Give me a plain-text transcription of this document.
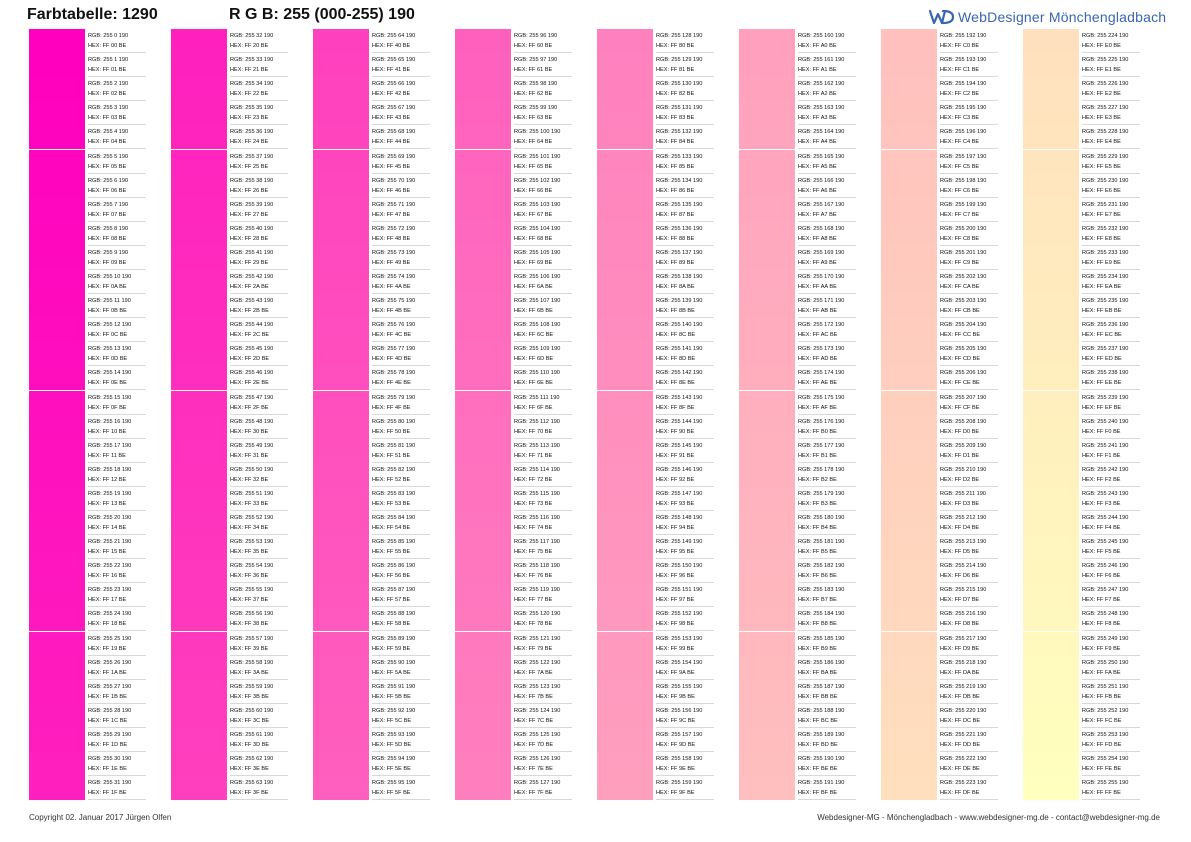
Farbtabelle: 1290	R G B: 255 (000-255) 190	WebDesigner Mönchengladbach
RGB: 255 0 190
HEX: FF 00 BE
RGB: 255 1 190
HEX: FF 01 BE
RGB: 255 2 190
HEX: FF 02 BE
RGB: 255 3 190
HEX: FF 03 BE
RGB: 255 4 190
HEX: FF 04 BE
RGB: 255 5 190
HEX: FF 05 BE
RGB: 255 6 190
HEX: FF 06 BE
RGB: 255 7 190
HEX: FF 07 BE
RGB: 255 8 190
HEX: FF 08 BE
RGB: 255 9 190
HEX: FF 09 BE
RGB: 255 10 190
HEX: FF 0A BE
RGB: 255 11 190
HEX: FF 0B BE
RGB: 255 12 190
HEX: FF 0C BE
RGB: 255 13 190
HEX: FF 0D BE
RGB: 255 14 190
HEX: FF 0E BE
RGB: 255 15 190
HEX: FF 0F BE
RGB: 255 16 190
HEX: FF 10 BE
RGB: 255 17 190
HEX: FF 11 BE
RGB: 255 18 190
HEX: FF 12 BE
RGB: 255 19 190
HEX: FF 13 BE
RGB: 255 20 190
HEX: FF 14 BE
RGB: 255 21 190
HEX: FF 15 BE
RGB: 255 22 190
HEX: FF 16 BE
RGB: 255 23 190
HEX: FF 17 BE
RGB: 255 24 190
HEX: FF 18 BE
RGB: 255 25 190
HEX: FF 19 BE
RGB: 255 26 190
HEX: FF 1A BE
RGB: 255 27 190
HEX: FF 1B BE
RGB: 255 28 190
HEX: FF 1C BE
RGB: 255 29 190
HEX: FF 1D BE
RGB: 255 30 190
HEX: FF 1E BE
RGB: 255 31 190
HEX: FF 1F BE
RGB: 255 32 190
HEX: FF 20 BE
RGB: 255 33 190
HEX: FF 21 BE
RGB: 255 34 190
HEX: FF 22 BE
RGB: 255 35 190
HEX: FF 23 BE
RGB: 255 36 190
HEX: FF 24 BE
RGB: 255 37 190
HEX: FF 25 BE
RGB: 255 38 190
HEX: FF 26 BE
RGB: 255 39 190
HEX: FF 27 BE
RGB: 255 40 190
HEX: FF 28 BE
RGB: 255 41 190
HEX: FF 29 BE
RGB: 255 42 190
HEX: FF 2A BE
RGB: 255 43 190
HEX: FF 2B BE
RGB: 255 44 190
HEX: FF 2C BE
RGB: 255 45 190
HEX: FF 2D BE
RGB: 255 46 190
HEX: FF 2E BE
RGB: 255 47 190
HEX: FF 2F BE
RGB: 255 48 190
HEX: FF 30 BE
RGB: 255 49 190
HEX: FF 31 BE
RGB: 255 50 190
HEX: FF 32 BE
RGB: 255 51 190
HEX: FF 33 BE
RGB: 255 52 190
HEX: FF 34 BE
RGB: 255 53 190
HEX: FF 35 BE
RGB: 255 54 190
HEX: FF 36 BE
RGB: 255 55 190
HEX: FF 37 BE
RGB: 255 56 190
HEX: FF 38 BE
RGB: 255 57 190
HEX: FF 39 BE
RGB: 255 58 190
HEX: FF 3A BE
RGB: 255 59 190
HEX: FF 3B BE
RGB: 255 60 190
HEX: FF 3C BE
RGB: 255 61 190
HEX: FF 3D BE
RGB: 255 62 190
HEX: FF 3E BE
RGB: 255 63 190
HEX: FF 3F BE
RGB: 255 64 190
HEX: FF 40 BE
RGB: 255 65 190
HEX: FF 41 BE
RGB: 255 66 190
HEX: FF 42 BE
RGB: 255 67 190
HEX: FF 43 BE
RGB: 255 68 190
HEX: FF 44 BE
RGB: 255 69 190
HEX: FF 45 BE
RGB: 255 70 190
HEX: FF 46 BE
RGB: 255 71 190
HEX: FF 47 BE
RGB: 255 72 190
HEX: FF 48 BE
RGB: 255 73 190
HEX: FF 49 BE
RGB: 255 74 190
HEX: FF 4A BE
RGB: 255 75 190
HEX: FF 4B BE
RGB: 255 76 190
HEX: FF 4C BE
RGB: 255 77 190
HEX: FF 4D BE
RGB: 255 78 190
HEX: FF 4E BE
RGB: 255 79 190
HEX: FF 4F BE
RGB: 255 80 190
HEX: FF 50 BE
RGB: 255 81 190
HEX: FF 51 BE
RGB: 255 82 190
HEX: FF 52 BE
RGB: 255 83 190
HEX: FF 53 BE
RGB: 255 84 190
HEX: FF 54 BE
RGB: 255 85 190
HEX: FF 55 BE
RGB: 255 86 190
HEX: FF 56 BE
RGB: 255 87 190
HEX: FF 57 BE
RGB: 255 88 190
HEX: FF 58 BE
RGB: 255 89 190
HEX: FF 59 BE
RGB: 255 90 190
HEX: FF 5A BE
RGB: 255 91 190
HEX: FF 5B BE
RGB: 255 92 190
HEX: FF 5C BE
RGB: 255 93 190
HEX: FF 5D BE
RGB: 255 94 190
HEX: FF 5E BE
RGB: 255 95 190
HEX: FF 5F BE
RGB: 255 96 190
HEX: FF 60 BE
RGB: 255 97 190
HEX: FF 61 BE
RGB: 255 98 190
HEX: FF 62 BE
RGB: 255 99 190
HEX: FF 63 BE
RGB: 255 100 190
HEX: FF 64 BE
RGB: 255 101 190
HEX: FF 65 BE
RGB: 255 102 190
HEX: FF 66 BE
RGB: 255 103 190
HEX: FF 67 BE
RGB: 255 104 190
HEX: FF 68 BE
RGB: 255 105 190
HEX: FF 69 BE
RGB: 255 106 190
HEX: FF 6A BE
RGB: 255 107 190
HEX: FF 6B BE
RGB: 255 108 190
HEX: FF 6C BE
RGB: 255 109 190
HEX: FF 6D BE
RGB: 255 110 190
HEX: FF 6E BE
RGB: 255 111 190
HEX: FF 6F BE
RGB: 255 112 190
HEX: FF 70 BE
RGB: 255 113 190
HEX: FF 71 BE
RGB: 255 114 190
HEX: FF 72 BE
RGB: 255 115 190
HEX: FF 73 BE
RGB: 255 116 190
HEX: FF 74 BE
RGB: 255 117 190
HEX: FF 75 BE
RGB: 255 118 190
HEX: FF 76 BE
RGB: 255 119 190
HEX: FF 77 BE
RGB: 255 120 190
HEX: FF 78 BE
RGB: 255 121 190
HEX: FF 79 BE
RGB: 255 122 190
HEX: FF 7A BE
RGB: 255 123 190
HEX: FF 7B BE
RGB: 255 124 190
HEX: FF 7C BE
RGB: 255 125 190
HEX: FF 7D BE
RGB: 255 126 190
HEX: FF 7E BE
RGB: 255 127 190
HEX: FF 7F BE
RGB: 255 128 190
HEX: FF 80 BE
RGB: 255 129 190
HEX: FF 81 BE
RGB: 255 130 190
HEX: FF 82 BE
RGB: 255 131 190
HEX: FF 83 BE
RGB: 255 132 190
HEX: FF 84 BE
RGB: 255 133 190
HEX: FF 85 BE
RGB: 255 134 190
HEX: FF 86 BE
RGB: 255 135 190
HEX: FF 87 BE
RGB: 255 136 190
HEX: FF 88 BE
RGB: 255 137 190
HEX: FF 89 BE
RGB: 255 138 190
HEX: FF 8A BE
RGB: 255 139 190
HEX: FF 8B BE
RGB: 255 140 190
HEX: FF 8C BE
RGB: 255 141 190
HEX: FF 8D BE
RGB: 255 142 190
HEX: FF 8E BE
RGB: 255 143 190
HEX: FF 8F BE
RGB: 255 144 190
HEX: FF 90 BE
RGB: 255 145 190
HEX: FF 91 BE
RGB: 255 146 190
HEX: FF 92 BE
RGB: 255 147 190
HEX: FF 93 BE
RGB: 255 148 190
HEX: FF 94 BE
RGB: 255 149 190
HEX: FF 95 BE
RGB: 255 150 190
HEX: FF 96 BE
RGB: 255 151 190
HEX: FF 97 BE
RGB: 255 152 190
HEX: FF 98 BE
RGB: 255 153 190
HEX: FF 99 BE
RGB: 255 154 190
HEX: FF 9A BE
RGB: 255 155 190
HEX: FF 9B BE
RGB: 255 156 190
HEX: FF 9C BE
RGB: 255 157 190
HEX: FF 9D BE
RGB: 255 158 190
HEX: FF 9E BE
RGB: 255 159 190
HEX: FF 9F BE
RGB: 255 160 190
HEX: FF A0 BE
RGB: 255 161 190
HEX: FF A1 BE
RGB: 255 162 190
HEX: FF A2 BE
RGB: 255 163 190
HEX: FF A3 BE
RGB: 255 164 190
HEX: FF A4 BE
RGB: 255 165 190
HEX: FF A5 BE
RGB: 255 166 190
HEX: FF A6 BE
RGB: 255 167 190
HEX: FF A7 BE
RGB: 255 168 190
HEX: FF A8 BE
RGB: 255 169 190
HEX: FF A9 BE
RGB: 255 170 190
HEX: FF AA BE
RGB: 255 171 190
HEX: FF AB BE
RGB: 255 172 190
HEX: FF AC BE
RGB: 255 173 190
HEX: FF AD BE
RGB: 255 174 190
HEX: FF AE BE
RGB: 255 175 190
HEX: FF AF BE
RGB: 255 176 190
HEX: FF B0 BE
RGB: 255 177 190
HEX: FF B1 BE
RGB: 255 178 190
HEX: FF B2 BE
RGB: 255 179 190
HEX: FF B3 BE
RGB: 255 180 190
HEX: FF B4 BE
RGB: 255 181 190
HEX: FF B5 BE
RGB: 255 182 190
HEX: FF B6 BE
RGB: 255 183 190
HEX: FF B7 BE
RGB: 255 184 190
HEX: FF B8 BE
RGB: 255 185 190
HEX: FF B9 BE
RGB: 255 186 190
HEX: FF BA BE
RGB: 255 187 190
HEX: FF BB BE
RGB: 255 188 190
HEX: FF BC BE
RGB: 255 189 190
HEX: FF BD BE
RGB: 255 190 190
HEX: FF BE BE
RGB: 255 191 190
HEX: FF BF BE
RGB: 255 192 190
HEX: FF C0 BE
RGB: 255 193 190
HEX: FF C1 BE
RGB: 255 194 190
HEX: FF C2 BE
RGB: 255 195 190
HEX: FF C3 BE
RGB: 255 196 190
HEX: FF C4 BE
RGB: 255 197 190
HEX: FF C5 BE
RGB: 255 198 190
HEX: FF C6 BE
RGB: 255 199 190
HEX: FF C7 BE
RGB: 255 200 190
HEX: FF C8 BE
RGB: 255 201 190
HEX: FF C9 BE
RGB: 255 202 190
HEX: FF CA BE
RGB: 255 203 190
HEX: FF CB BE
RGB: 255 204 190
HEX: FF CC BE
RGB: 255 205 190
HEX: FF CD BE
RGB: 255 206 190
HEX: FF CE BE
RGB: 255 207 190
HEX: FF CF BE
RGB: 255 208 190
HEX: FF D0 BE
RGB: 255 209 190
HEX: FF D1 BE
RGB: 255 210 190
HEX: FF D2 BE
RGB: 255 211 190
HEX: FF D3 BE
RGB: 255 212 190
HEX: FF D4 BE
RGB: 255 213 190
HEX: FF D5 BE
RGB: 255 214 190
HEX: FF D6 BE
RGB: 255 215 190
HEX: FF D7 BE
RGB: 255 216 190
HEX: FF D8 BE
RGB: 255 217 190
HEX: FF D9 BE
RGB: 255 218 190
HEX: FF DA BE
RGB: 255 219 190
HEX: FF DB BE
RGB: 255 220 190
HEX: FF DC BE
RGB: 255 221 190
HEX: FF DD BE
RGB: 255 222 190
HEX: FF DE BE
RGB: 255 223 190
HEX: FF DF BE
RGB: 255 224 190
HEX: FF E0 BE
RGB: 255 225 190
HEX: FF E1 BE
RGB: 255 226 190
HEX: FF E2 BE
RGB: 255 227 190
HEX: FF E3 BE
RGB: 255 228 190
HEX: FF E4 BE
RGB: 255 229 190
HEX: FF E5 BE
RGB: 255 230 190
HEX: FF E6 BE
RGB: 255 231 190
HEX: FF E7 BE
RGB: 255 232 190
HEX: FF E8 BE
RGB: 255 233 190
HEX: FF E9 BE
RGB: 255 234 190
HEX: FF EA BE
RGB: 255 235 190
HEX: FF EB BE
RGB: 255 236 190
HEX: FF EC BE
RGB: 255 237 190
HEX: FF ED BE
RGB: 255 238 190
HEX: FF EE BE
RGB: 255 239 190
HEX: FF EF BE
RGB: 255 240 190
HEX: FF F0 BE
RGB: 255 241 190
HEX: FF F1 BE
RGB: 255 242 190
HEX: FF F2 BE
RGB: 255 243 190
HEX: FF F3 BE
RGB: 255 244 190
HEX: FF F4 BE
RGB: 255 245 190
HEX: FF F5 BE
RGB: 255 246 190
HEX: FF F6 BE
RGB: 255 247 190
HEX: FF F7 BE
RGB: 255 248 190
HEX: FF F8 BE
RGB: 255 249 190
HEX: FF F9 BE
RGB: 255 250 190
HEX: FF FA BE
RGB: 255 251 190
HEX: FF FB BE
RGB: 255 252 190
HEX: FF FC BE
RGB: 255 253 190
HEX: FF FD BE
RGB: 255 254 190
HEX: FF FE BE
RGB: 255 255 190
HEX: FF FF BE
Copyright 02. Januar 2017 Jürgen Olfen	Webdesigner-MG - Mönchengladbach - www.webdesigner-mg.de - contact@webdesigner-mg.de
